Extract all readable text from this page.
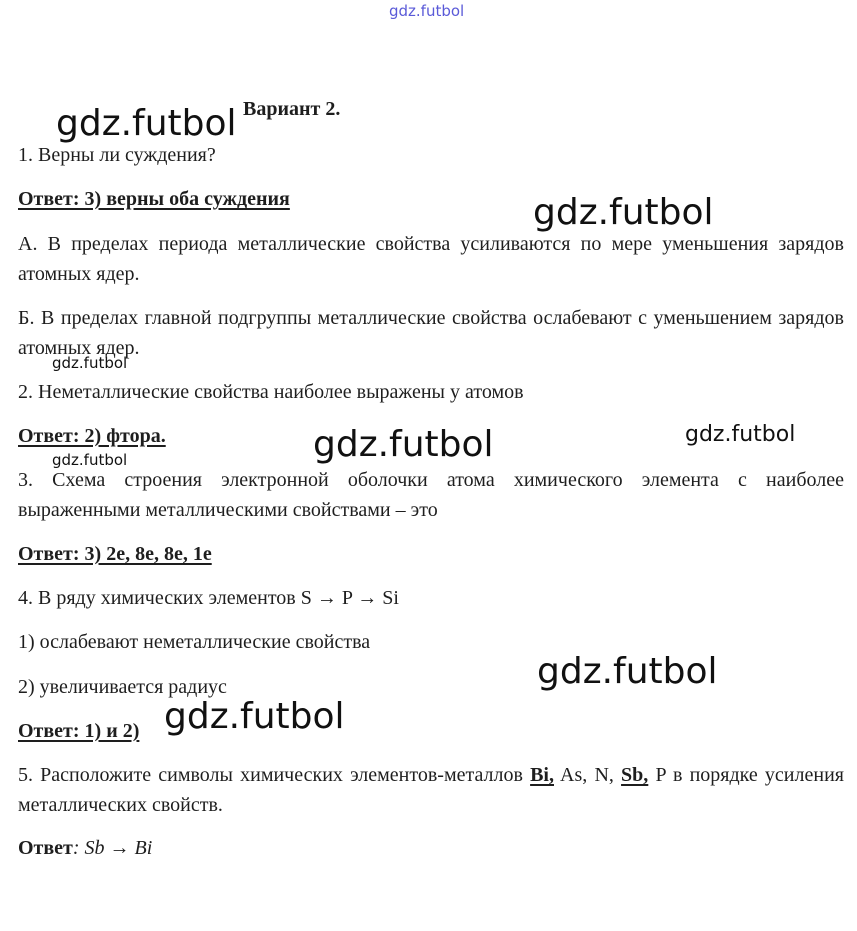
gdz.futbol
gdz.futbol
gdz.futbol
gdz.futbol
gdz.futbol	gdz.futbol
gdz.futbol
gdz.futbol
gdz.futbol
Вариант 2.
1. Верны ли суждения?
Ответ: 3) верны оба суждения
А. В пределах периода металлические свойства усиливаются по мере уменьшения зарядов атомных ядер.
Б. В пределах главной подгруппы металлические свойства ослабевают с уменьшением зарядов атомных ядер.
2. Неметаллические свойства наиболее выражены у атомов
Ответ: 2) фтора.
3. Схема строения электронной оболочки атома химического элемента с наиболее выраженными металлическими свойствами – это
Ответ: 3) 2е, 8е, 8е, 1е
4. В ряду химических элементов S → P → Si
1) ослабевают неметаллические свойства
2) увеличивается радиус
Ответ: 1) и 2)
5. Расположите символы химических элементов-металлов Bi, As, N, Sb, P в порядке усиления металлических свойств.
Ответ: Sb → Bi
